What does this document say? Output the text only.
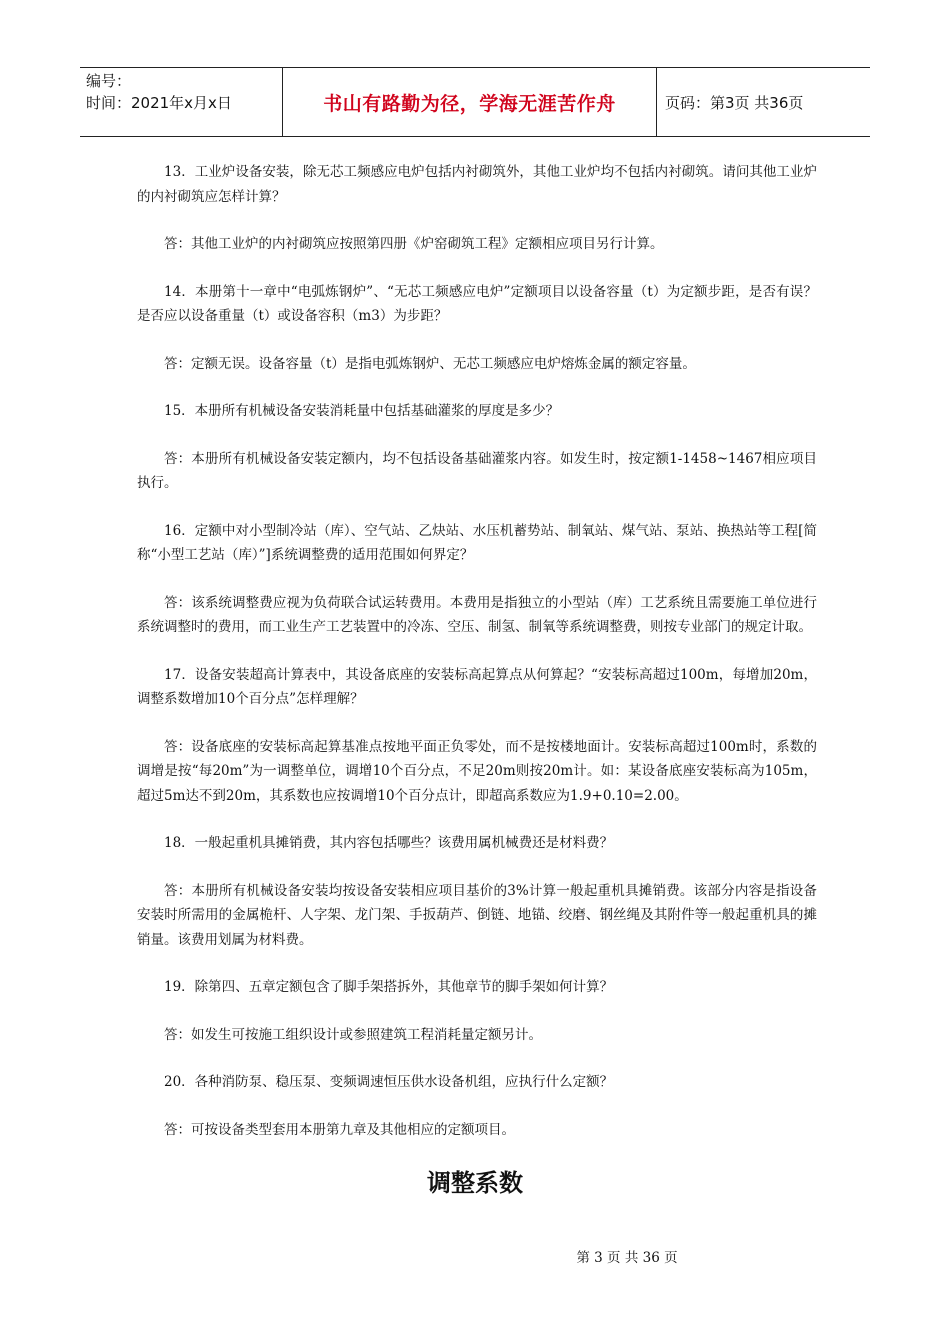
编号：
时间：2021年x月x日	书山有路勤为径，学海无涯苦作舟	页码：第3页 共36页

13．工业炉设备安装，除无芯工频感应电炉包括内衬砌筑外，其他工业炉均不包括内衬砌筑。请问其他工业炉的内衬砌筑应怎样计算？

答：其他工业炉的内衬砌筑应按照第四册《炉窑砌筑工程》定额相应项目另行计算。

14．本册第十一章中“电弧炼钢炉”、“无芯工频感应电炉”定额项目以设备容量（t）为定额步距，是否有误？是否应以设备重量（t）或设备容积（m3）为步距？

答：定额无误。设备容量（t）是指电弧炼钢炉、无芯工频感应电炉熔炼金属的额定容量。

15．本册所有机械设备安装消耗量中包括基础灌浆的厚度是多少？

答：本册所有机械设备安装定额内，均不包括设备基础灌浆内容。如发生时，按定额1-1458~1467相应项目执行。

16．定额中对小型制冷站（库）、空气站、乙炔站、水压机蓄势站、制氧站、煤气站、泵站、换热站等工程[简称“小型工艺站（库）”]系统调整费的适用范围如何界定？

答：该系统调整费应视为负荷联合试运转费用。本费用是指独立的小型站（库）工艺系统且需要施工单位进行系统调整时的费用，而工业生产工艺装置中的冷冻、空压、制氢、制氧等系统调整费，则按专业部门的规定计取。

17．设备安装超高计算表中，其设备底座的安装标高起算点从何算起？“安装标高超过100m，每增加20m，调整系数增加10个百分点”怎样理解？

答：设备底座的安装标高起算基准点按地平面正负零处，而不是按楼地面计。安装标高超过100m时，系数的调增是按“每20m”为一调整单位，调增10个百分点，不足20m则按20m计。如：某设备底座安装标高为105m，超过5m达不到20m，其系数也应按调增10个百分点计，即超高系数应为1.9+0.10=2.00。

18．一般起重机具摊销费，其内容包括哪些？该费用属机械费还是材料费？

答：本册所有机械设备安装均按设备安装相应项目基价的3%计算一般起重机具摊销费。该部分内容是指设备安装时所需用的金属桅杆、人字架、龙门架、手扳葫芦、倒链、地锚、绞磨、钢丝绳及其附件等一般起重机具的摊销量。该费用划属为材料费。

19．除第四、五章定额包含了脚手架搭拆外，其他章节的脚手架如何计算？

答：如发生可按施工组织设计或参照建筑工程消耗量定额另计。

20．各种消防泵、稳压泵、变频调速恒压供水设备机组，应执行什么定额？

答：可按设备类型套用本册第九章及其他相应的定额项目。

调整系数
第 3 页 共 36 页
